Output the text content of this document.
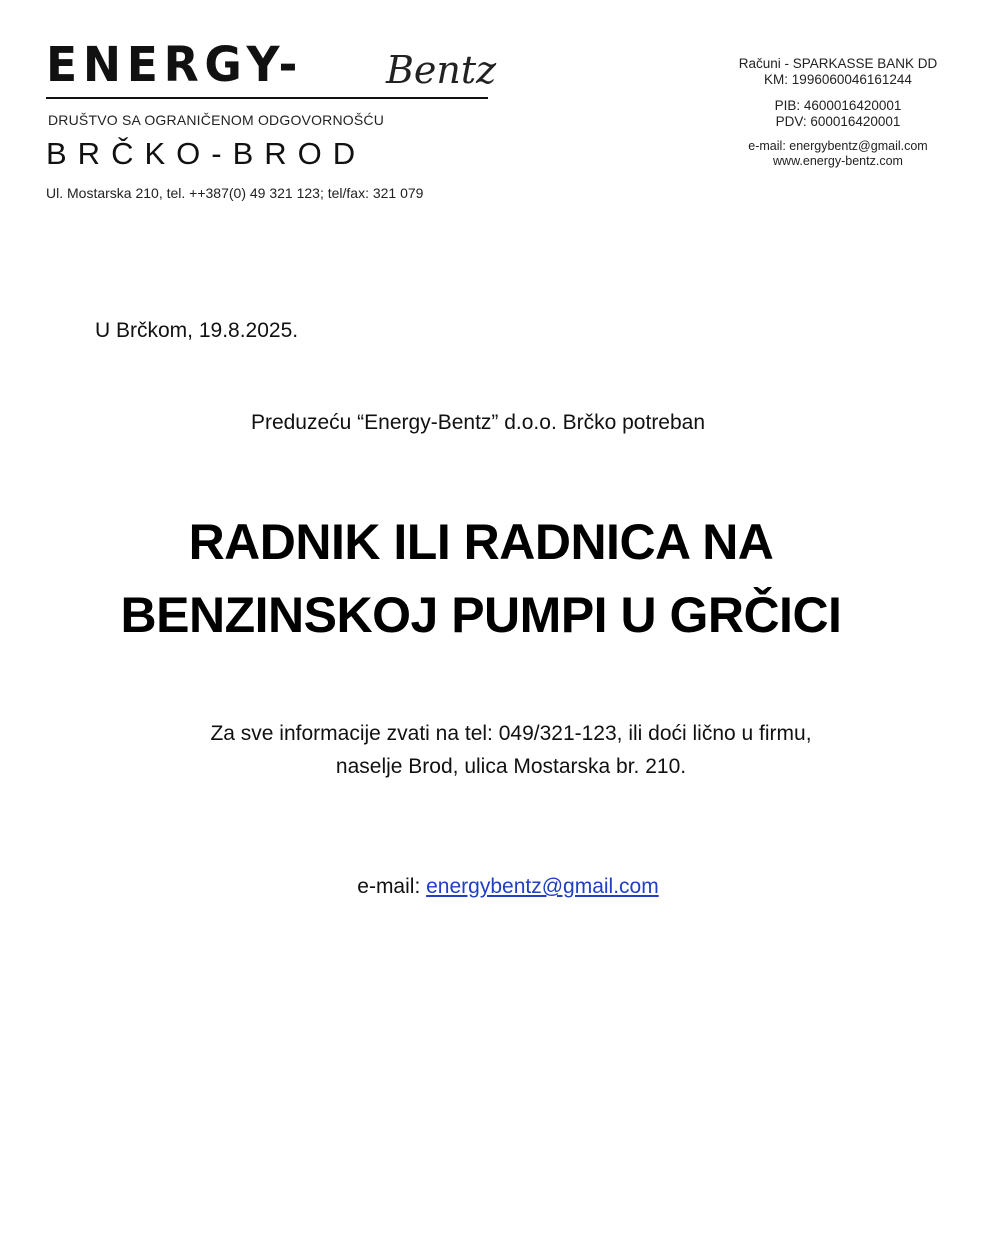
ENERGY- Bentz
DRUŠTVO SA OGRANIČENOM ODGOVORNOŠĆU
BRČKO-BROD
Ul. Mostarska 210, tel. ++387(0) 49 321 123; tel/fax: 321 079
Računi - SPARKASSE BANK DD
KM: 1996060046161244
PIB: 4600016420001
PDV: 600016420001
e-mail: energybentz@gmail.com
www.energy-bentz.com
U Brčkom, 19.8.2025.
Preduzeću “Energy-Bentz” d.o.o. Brčko potreban
RADNIK ILI RADNICA NA
BENZINSKOJ PUMPI U GRČICI
Za sve informacije zvati na tel: 049/321-123, ili doći lično u firmu,
naselje Brod, ulica Mostarska br. 210.
e-mail: energybentz@gmail.com
